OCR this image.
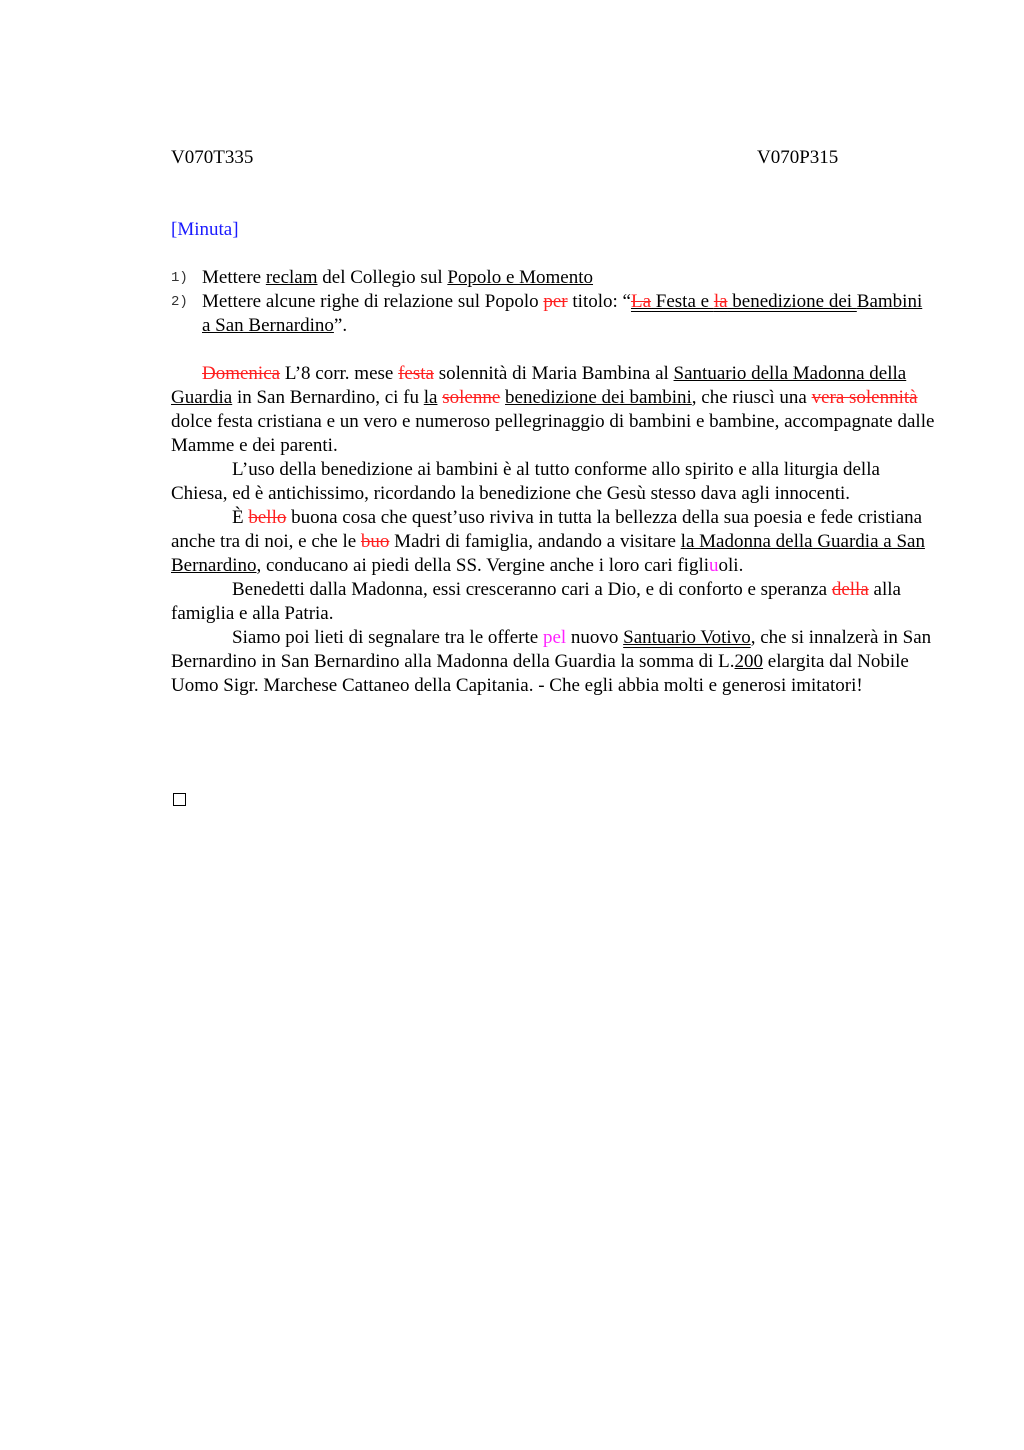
V070T335	V070P315
[Minuta]
1) Mettere reclam del Collegio sul Popolo e Momento
2) Mettere alcune righe di relazione sul Popolo per titolo: “La Festa e la benedizione dei Bambini a San Bernardino”.

Domenica L’8 corr. mese festa solennità di Maria Bambina al Santuario della Madonna della Guardia in San Bernardino, ci fu la solenne benedizione dei bambini, che riuscì una vera solennità dolce festa cristiana e un vero e numeroso pellegrinaggio di bambini e bambine, accompagnate dalle Mamme e dei parenti.

L’uso della benedizione ai bambini è al tutto conforme allo spirito e alla liturgia della Chiesa, ed è antichissimo, ricordando la benedizione che Gesù stesso dava agli innocenti.

È bello buona cosa che quest’uso riviva in tutta la bellezza della sua poesia e fede cristiana anche tra di noi, e che le buo Madri di famiglia, andando a visitare la Madonna della Guardia a San Bernardino, conducano ai piedi della SS. Vergine anche i loro cari figliuoli.

Benedetti dalla Madonna, essi cresceranno cari a Dio, e di conforto e speranza della alla famiglia e alla Patria.

Siamo poi lieti di segnalare tra le offerte pel nuovo Santuario Votivo, che si innalzerà in San Bernardino in San Bernardino alla Madonna della Guardia la somma di L.200 elargita dal Nobile Uomo Sigr. Marchese Cattaneo della Capitania. - Che egli abbia molti e generosi imitatori!
